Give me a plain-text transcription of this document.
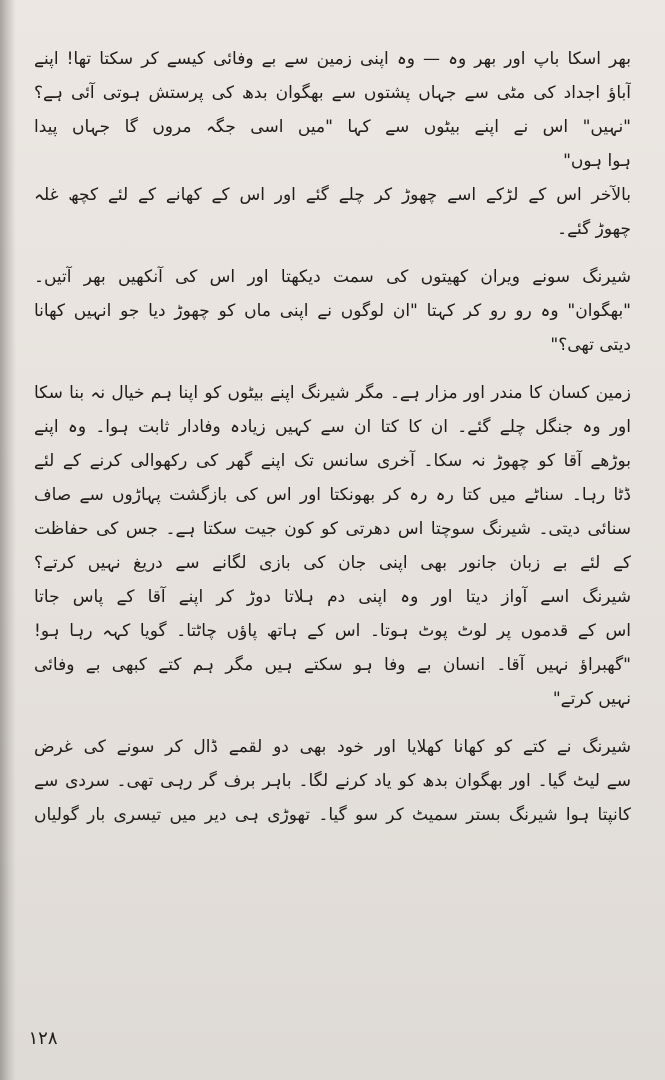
بھر اسکا باپ اور بھر وہ — وہ اپنی زمین سے بے وفائی کیسے کر سکتا تھا! اپنے
آباؤ اجداد کی مٹی سے جہاں پشتوں سے بھگوان بدھ کی پرستش ہوتی آئی ہے؟
"نہیں" اس نے اپنے بیٹوں سے کہا "میں اسی جگہ مروں گا جہاں پیدا
ہوا ہوں"
بالآخر اس کے لڑکے اسے چھوڑ کر چلے گئے اور اس کے کھانے کے لئے کچھ غلہ
چھوڑ گئے۔
شیرنگ سونے ویران کھیتوں کی سمت دیکھتا اور اس کی آنکھیں بھر آتیں۔
"بھگوان" وہ رو رو کر کہتا "ان لوگوں نے اپنی ماں کو چھوڑ دیا جو انہیں کھانا
دیتی تھی؟"
زمین کسان کا مندر اور مزار ہے۔ مگر شیرنگ اپنے بیٹوں کو اپنا ہم خیال نہ بنا سکا
اور وہ جنگل چلے گئے۔ ان کا کتا ان سے کہیں زیادہ وفادار ثابت ہوا۔ وہ اپنے
بوڑھے آقا کو چھوڑ نہ سکا۔ آخری سانس تک اپنے گھر کی رکھوالی کرنے کے لئے
ڈٹا رہا۔ سناٹے میں کتا رہ رہ کر بھونکتا اور اس کی بازگشت پہاڑوں سے صاف
سنائی دیتی۔ شیرنگ سوچتا اس دھرتی کو کون جیت سکتا ہے۔ جس کی حفاظت
کے لئے بے زبان جانور بھی اپنی جان کی بازی لگانے سے دریغ نہیں کرتے؟
شیرنگ اسے آواز دیتا اور وہ اپنی دم ہلاتا دوڑ کر اپنے آقا کے پاس جاتا
اس کے قدموں پر لوٹ پوٹ ہوتا۔ اس کے ہاتھ پاؤں چاٹتا۔ گویا کہہ رہا ہو!
"گھبراؤ نہیں آقا۔ انسان بے وفا ہو سکتے ہیں مگر ہم کتے کبھی بے وفائی
نہیں کرتے"
شیرنگ نے کتے کو کھانا کھلایا اور خود بھی دو لقمے ڈال کر سونے کی غرض
سے لیٹ گیا۔ اور بھگوان بدھ کو یاد کرنے لگا۔ باہر برف گر رہی تھی۔ سردی سے
کانپتا ہوا شیرنگ بستر سمیٹ کر سو گیا۔ تھوڑی ہی دیر میں تیسری بار گولیاں
١٢٨
